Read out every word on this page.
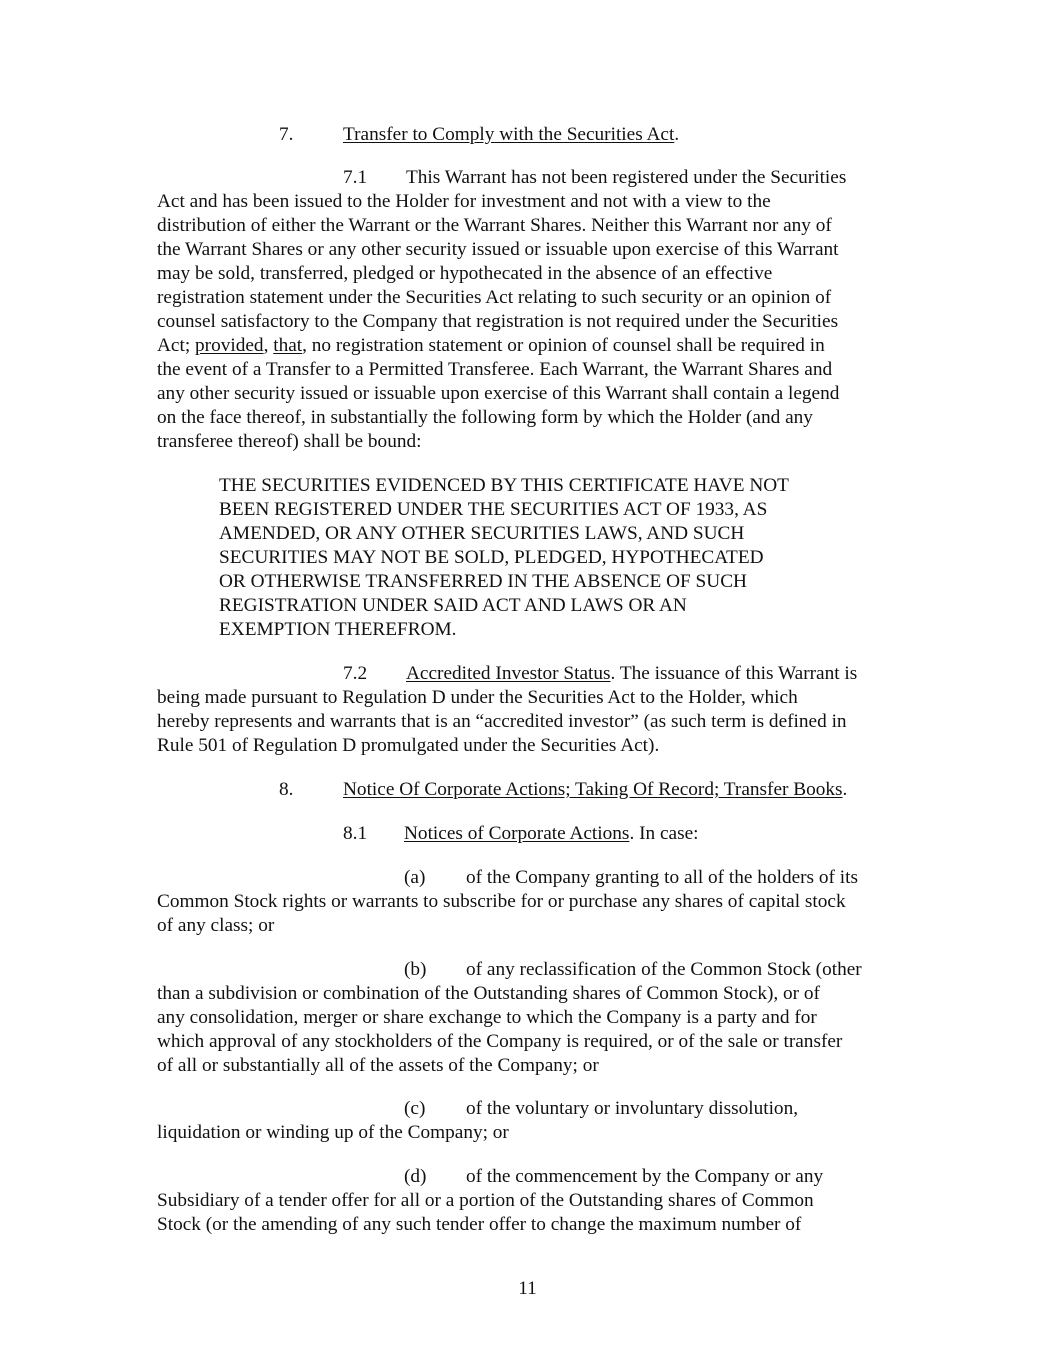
7.	Transfer to Comply with the Securities Act.
7.1 This Warrant has not been registered under the Securities
Act and has been issued to the Holder for investment and not with a view to the
distribution of either the Warrant or the Warrant Shares. Neither this Warrant nor any of
the Warrant Shares or any other security issued or issuable upon exercise of this Warrant
may be sold, transferred, pledged or hypothecated in the absence of an effective
registration statement under the Securities Act relating to such security or an opinion of
counsel satisfactory to the Company that registration is not required under the Securities
Act; provided, that, no registration statement or opinion of counsel shall be required in
the event of a Transfer to a Permitted Transferee. Each Warrant, the Warrant Shares and
any other security issued or issuable upon exercise of this Warrant shall contain a legend
on the face thereof, in substantially the following form by which the Holder (and any
transferee thereof) shall be bound:
THE SECURITIES EVIDENCED BY THIS CERTIFICATE HAVE NOT
BEEN REGISTERED UNDER THE SECURITIES ACT OF 1933, AS
AMENDED, OR ANY OTHER SECURITIES LAWS, AND SUCH
SECURITIES MAY NOT BE SOLD, PLEDGED, HYPOTHECATED
OR OTHERWISE TRANSFERRED IN THE ABSENCE OF SUCH
REGISTRATION UNDER SAID ACT AND LAWS OR AN
EXEMPTION THEREFROM.
7.2 Accredited Investor Status. The issuance of this Warrant is
being made pursuant to Regulation D under the Securities Act to the Holder, which
hereby represents and warrants that is an “accredited investor” (as such term is defined in
Rule 501 of Regulation D promulgated under the Securities Act).
8.	Notice Of Corporate Actions; Taking Of Record; Transfer Books.
8.1 Notices of Corporate Actions. In case:
(a) of the Company granting to all of the holders of its
Common Stock rights or warrants to subscribe for or purchase any shares of capital stock
of any class; or
(b) of any reclassification of the Common Stock (other
than a subdivision or combination of the Outstanding shares of Common Stock), or of
any consolidation, merger or share exchange to which the Company is a party and for
which approval of any stockholders of the Company is required, or of the sale or transfer
of all or substantially all of the assets of the Company; or
(c) of the voluntary or involuntary dissolution,
liquidation or winding up of the Company; or
(d) of the commencement by the Company or any
Subsidiary of a tender offer for all or a portion of the Outstanding shares of Common
Stock (or the amending of any such tender offer to change the maximum number of
11
